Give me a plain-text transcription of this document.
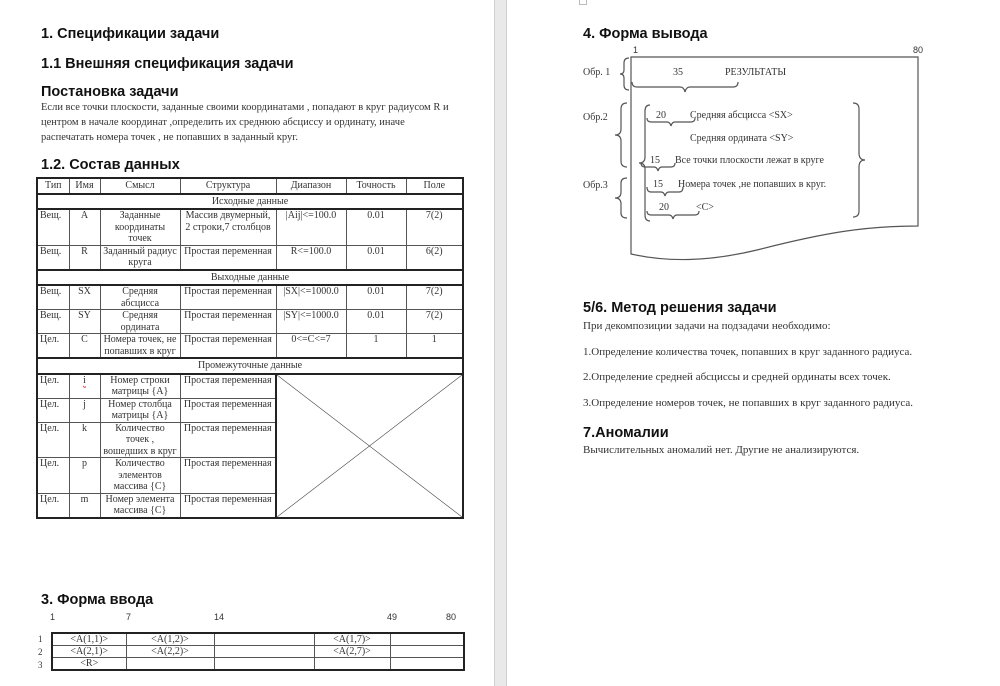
1. Спецификации задачи
1.1 Внешняя спецификация задачи
Постановка задачи
Если все точки плоскости, заданные своими координатами , попадают в круг радиусом R и центром в начале координат ,определить их среднюю абсциссу и ординату, иначе распечатать номера точек , не попавших в заданный круг.
1.2. Состав данных
Тип	Имя	Смысл	Структура	Диапазон	Точность	Поле
Исходные данные						
Вещ.	A	Заданные координаты точек	Массив двумерный, 2 строки,7 столбцов	|Aij|<=100.0	0.01	7(2)
Вещ.	R	Заданный радиус круга	Простая переменная	R<=100.0	0.01	6(2)
Выходные данные						
Вещ.	SX	Средняя абсцисса	Простая переменная	|SX|<=1000.0	0.01	7(2)
Вещ.	SY	Средняя ордината	Простая переменная	|SY|<=1000.0	0.01	7(2)
Цел.	C	Номера точек, не попавших в круг	Простая переменная	0<=C<=7	1	1
Промежуточные данные						
Цел.	i	Номер строки матрицы {A}	Простая переменная	

Цел.	j	Номер столбца матрицы {A}	Простая переменная			
Цел.	k	Количество точек , вошедших в круг	Простая переменная			
Цел.	p	Количество элементов массива {C}	Простая переменная			
Цел.	m	Номер элемента массива {C}	Простая переменная			
3. Форма ввода
1	7	14	49	80
1
2
3
<A(1,1)>	<A(1,2)>		<A(1,7)>	
<A(2,1)>	<A(2,2)>		<A(2,7)>	
<R>				
4. Форма вывода
1	80
Обр. 1
Обр.2
Обр.3
35	РЕЗУЛЬТАТЫ
20 Средняя абсцисса <SX>
Средняя ордината <SY>
15 Все точки плоскости лежат в круге
15 Номера точек ,не попавших в круг.
20	<C>
5/6. Метод решения задачи
При декомпозиции задачи на подзадачи необходимо:
1.Определение количества точек, попавших в круг заданного радиуса.
2.Определение средней абсциссы и средней ординаты всех точек.
3.Определение номеров точек, не попавших в круг заданного радиуса.
7.Аномалии
Вычислительных аномалий нет. Другие не анализируются.
